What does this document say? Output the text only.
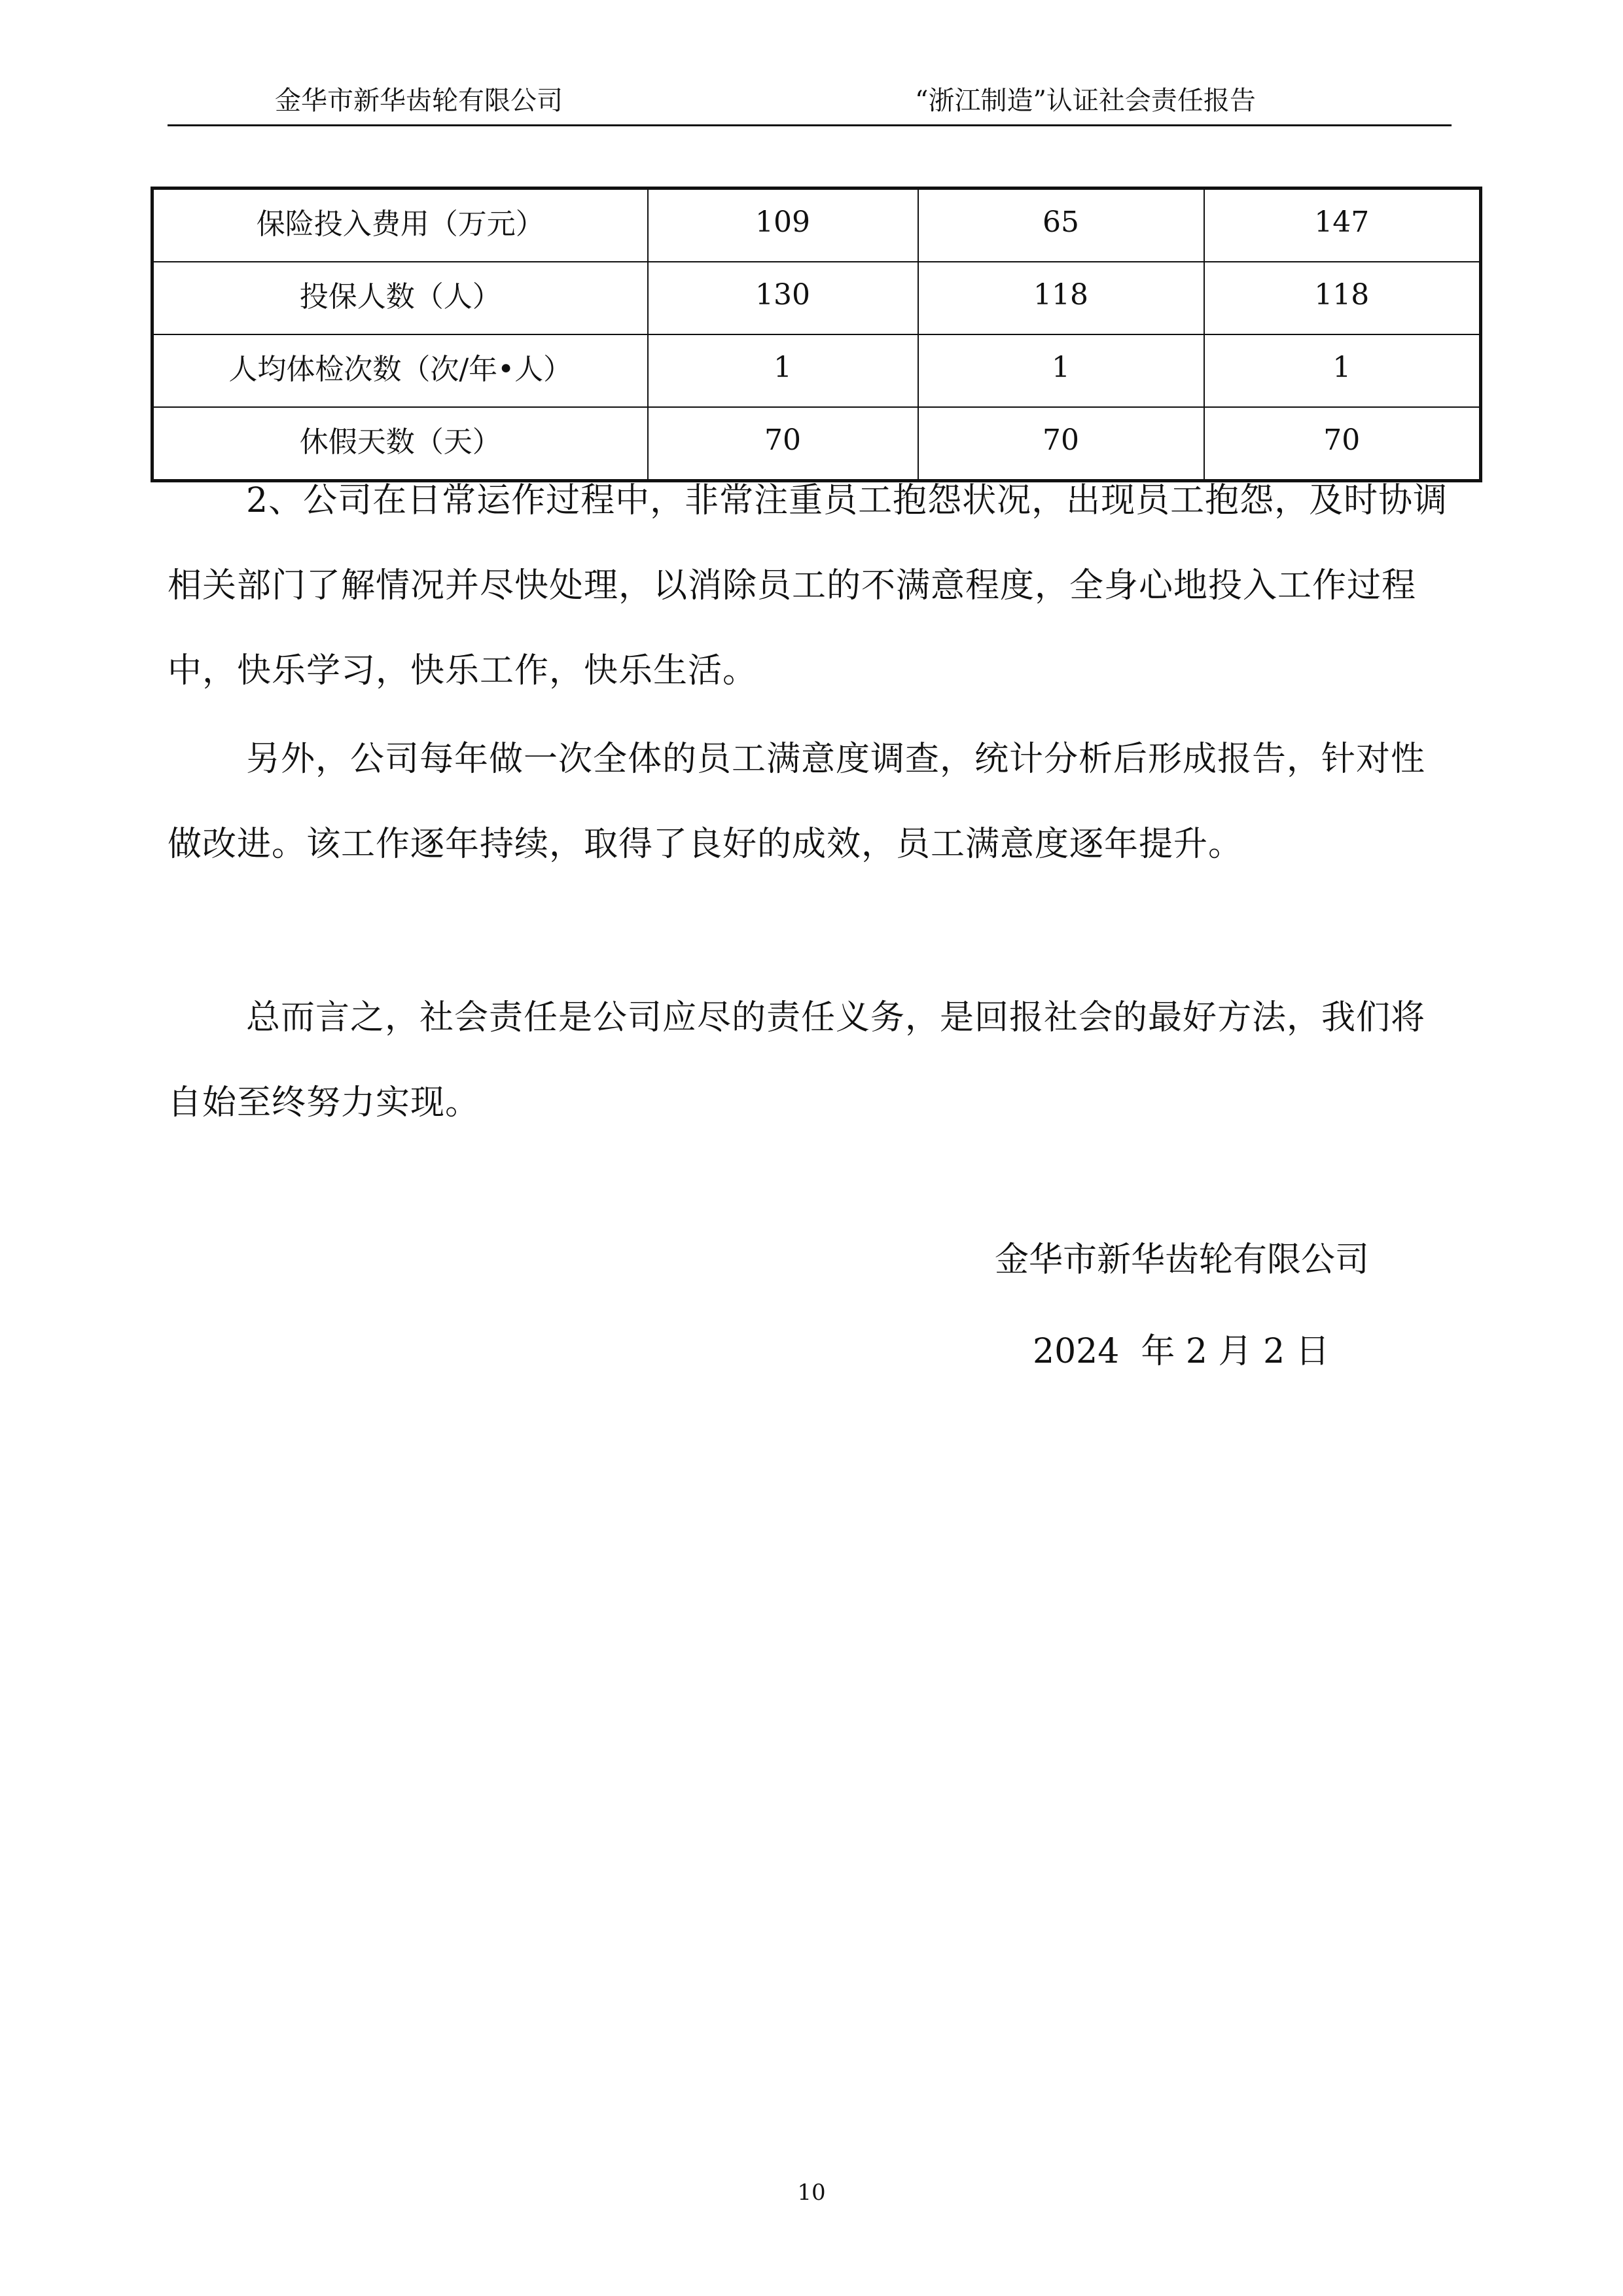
金华市新华齿轮有限公司	“浙江制造”认证社会责任报告
保险投入费用（万元）	109	65	147
投保人数（人）	130	118	118
人均体检次数（次/年•人）	1	1	1
休假天数（天）	70	70	70

2、公司在日常运作过程中，非常注重员工抱怨状况，出现员工抱怨，及时协调相关部门了解情况并尽快处理，以消除员工的不满意程度，全身心地投入工作过程中，快乐学习，快乐工作，快乐生活。

另外，公司每年做一次全体的员工满意度调查，统计分析后形成报告，针对性做改进。该工作逐年持续，取得了良好的成效，员工满意度逐年提升。

总而言之，社会责任是公司应尽的责任义务，是回报社会的最好方法，我们将自始至终努力实现。

金华市新华齿轮有限公司
2024  年 2 月 2 日
10
